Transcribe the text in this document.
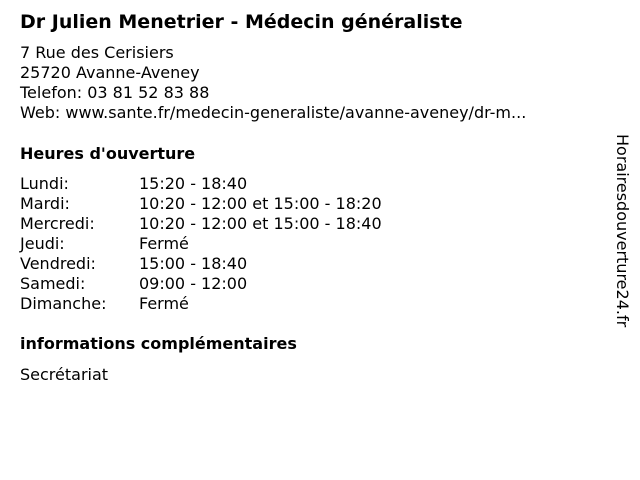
Dr Julien Menetrier - Médecin généraliste
7 Rue des Cerisiers
25720 Avanne-Aveney
Telefon: 03 81 52 83 88
Web: www.sante.fr/medecin-generaliste/avanne-aveney/dr-m...
Heures d'ouverture
Lundi:	15:20 - 18:40
Mardi:	10:20 - 12:00 et 15:00 - 18:20
Mercredi:	10:20 - 12:00 et 15:00 - 18:40
Jeudi:	Fermé
Vendredi:	15:00 - 18:40
Samedi:	09:00 - 12:00
Dimanche: Fermé
informations complémentaires
Secrétariat
Horairesdouverture24.fr
